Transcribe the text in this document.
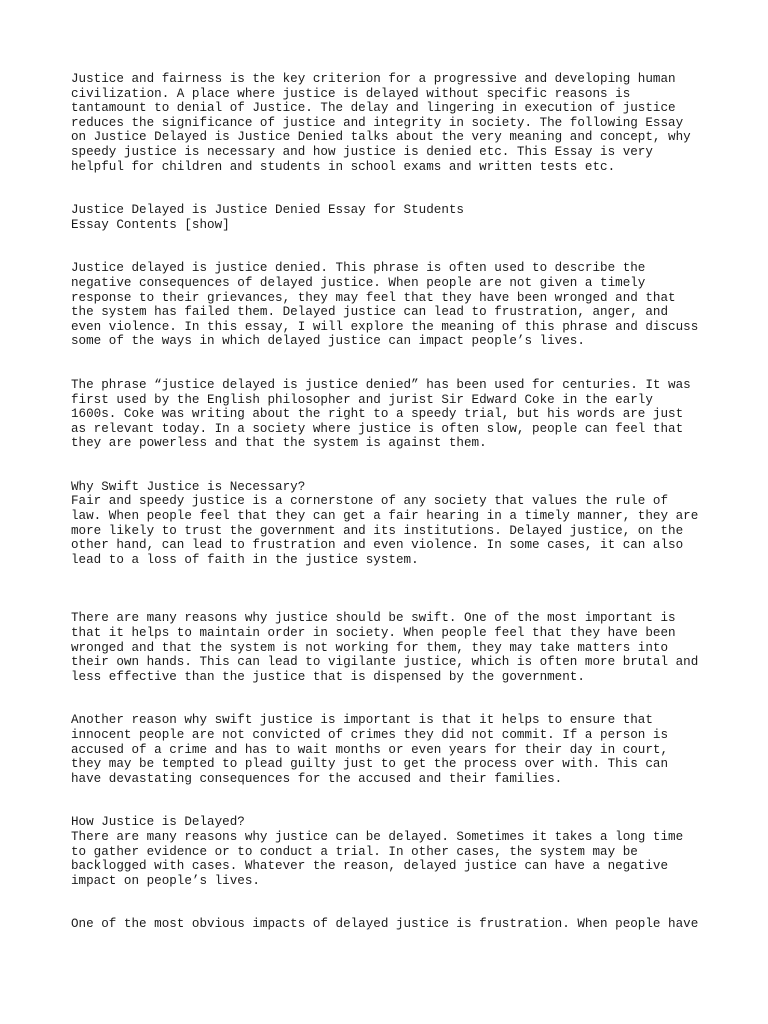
Justice and fairness is the key criterion for a progressive and developing human
civilization. A place where justice is delayed without specific reasons is
tantamount to denial of Justice. The delay and lingering in execution of justice
reduces the significance of justice and integrity in society. The following Essay
on Justice Delayed is Justice Denied talks about the very meaning and concept, why
speedy justice is necessary and how justice is denied etc. This Essay is very
helpful for children and students in school exams and written tests etc.
Justice Delayed is Justice Denied Essay for Students
Essay Contents [show]
Justice delayed is justice denied. This phrase is often used to describe the
negative consequences of delayed justice. When people are not given a timely
response to their grievances, they may feel that they have been wronged and that
the system has failed them. Delayed justice can lead to frustration, anger, and
even violence. In this essay, I will explore the meaning of this phrase and discuss
some of the ways in which delayed justice can impact people’s lives.
The phrase “justice delayed is justice denied” has been used for centuries. It was
first used by the English philosopher and jurist Sir Edward Coke in the early
1600s. Coke was writing about the right to a speedy trial, but his words are just
as relevant today. In a society where justice is often slow, people can feel that
they are powerless and that the system is against them.
Why Swift Justice is Necessary?
Fair and speedy justice is a cornerstone of any society that values the rule of
law. When people feel that they can get a fair hearing in a timely manner, they are
more likely to trust the government and its institutions. Delayed justice, on the
other hand, can lead to frustration and even violence. In some cases, it can also
lead to a loss of faith in the justice system.
There are many reasons why justice should be swift. One of the most important is
that it helps to maintain order in society. When people feel that they have been
wronged and that the system is not working for them, they may take matters into
their own hands. This can lead to vigilante justice, which is often more brutal and
less effective than the justice that is dispensed by the government.
Another reason why swift justice is important is that it helps to ensure that
innocent people are not convicted of crimes they did not commit. If a person is
accused of a crime and has to wait months or even years for their day in court,
they may be tempted to plead guilty just to get the process over with. This can
have devastating consequences for the accused and their families.
How Justice is Delayed?
There are many reasons why justice can be delayed. Sometimes it takes a long time
to gather evidence or to conduct a trial. In other cases, the system may be
backlogged with cases. Whatever the reason, delayed justice can have a negative
impact on people’s lives.
One of the most obvious impacts of delayed justice is frustration. When people have
